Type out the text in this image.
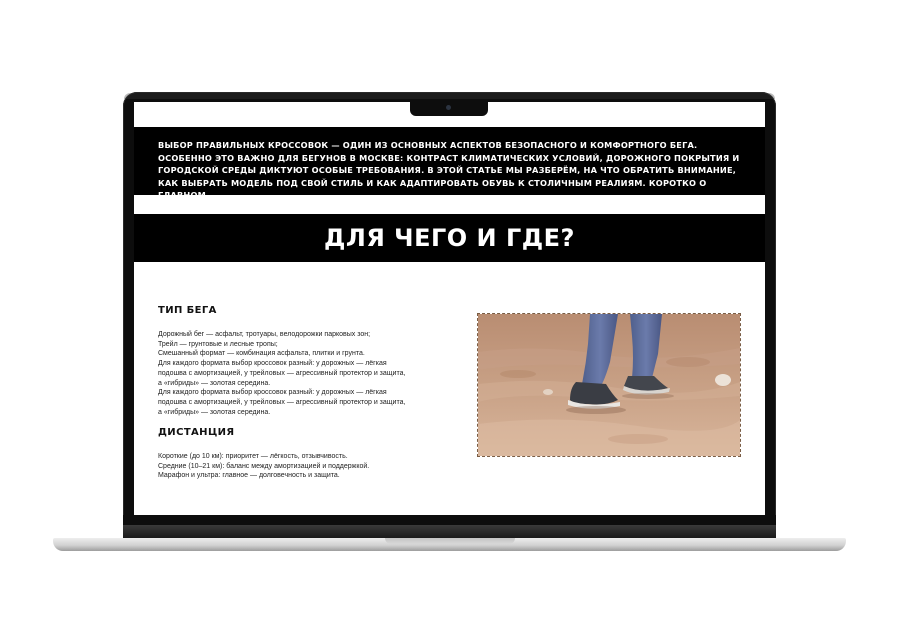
ВЫБОР ПРАВИЛЬНЫХ КРОССОВОК — ОДИН ИЗ ОСНОВНЫХ АСПЕКТОВ БЕЗОПАСНОГО И КОМФОРТНОГО БЕГА. ОСОБЕННО ЭТО ВАЖНО ДЛЯ БЕГУНОВ В МОСКВЕ: КОНТРАСТ КЛИМАТИЧЕСКИХ УСЛОВИЙ, ДОРОЖНОГО ПОКРЫТИЯ И ГОРОДСКОЙ СРЕДЫ ДИКТУЮТ ОСОБЫЕ ТРЕБОВАНИЯ. В ЭТОЙ СТАТЬЕ МЫ РАЗБЕРЁМ, НА ЧТО ОБРАТИТЬ ВНИМАНИЕ, КАК ВЫБРАТЬ МОДЕЛЬ ПОД СВОЙ СТИЛЬ И КАК АДАПТИРОВАТЬ ОБУВЬ К СТОЛИЧНЫМ РЕАЛИЯМ. КОРОТКО О ГЛАВНОМ.

ДЛЯ ЧЕГО И ГДЕ?
ТИП БЕГА
Дорожный бег — асфальт, тротуары, велодорожки парковых зон;
Трейл — грунтовые и лесные тропы;
Смешанный формат — комбинация асфальта, плитки и грунта.
Для каждого формата выбор кроссовок разный: у дорожных — лёгкая
подошва с амортизацией, у трейловых — агрессивный протектор и защита,
а «гибриды» — золотая середина.
Для каждого формата выбор кроссовок разный: у дорожных — лёгкая
подошва с амортизацией, у трейловых — агрессивный протектор и защита,
а «гибриды» — золотая середина.
ДИСТАНЦИЯ
Короткие (до 10 км): приоритет — лёгкость, отзывчивость.
Средние (10–21 км): баланс между амортизацией и поддержкой.
Марафон и ультра: главное — долговечность и защита.
